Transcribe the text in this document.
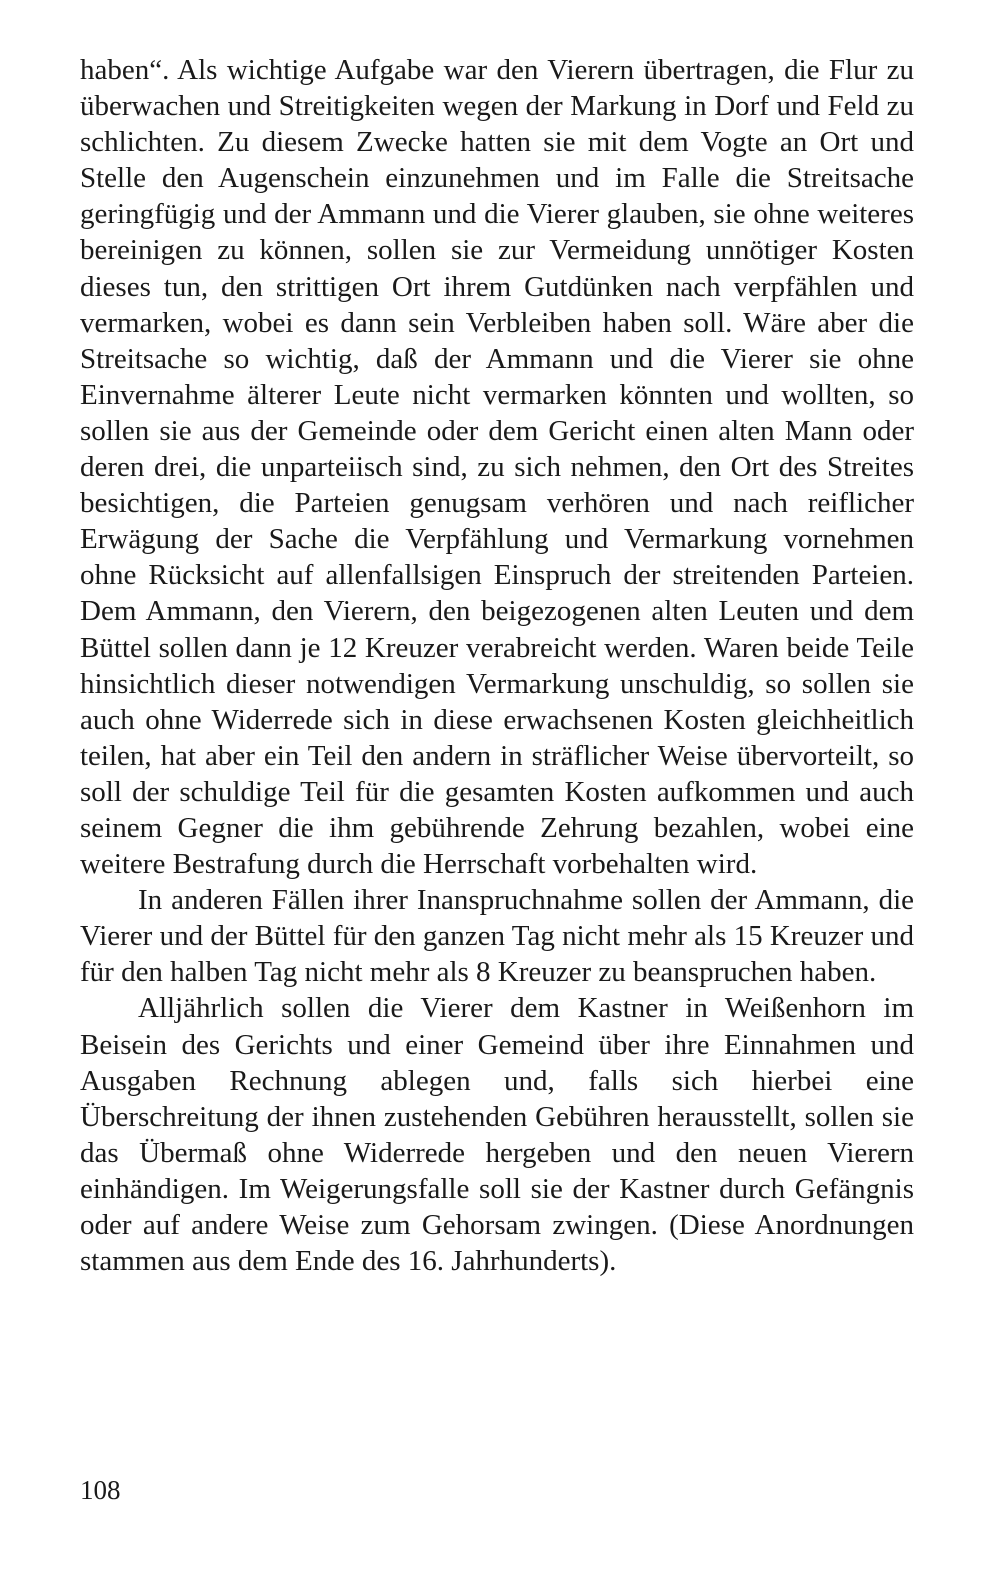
haben“. Als wichtige Aufgabe war den Vierern übertragen, die Flur zu überwachen und Streitigkeiten wegen der Markung in Dorf und Feld zu schlichten. Zu diesem Zwecke hatten sie mit dem Vogte an Ort und Stelle den Augenschein einzunehmen und im Falle die Streitsache geringfügig und der Ammann und die Vierer glauben, sie ohne weiteres bereinigen zu können, sollen sie zur Vermeidung unnötiger Kosten dieses tun, den strittigen Ort ihrem Gutdünken nach verpfählen und vermarken, wobei es dann sein Verbleiben haben soll. Wäre aber die Streitsache so wichtig, daß der Ammann und die Vierer sie ohne Einvernahme älterer Leute nicht vermarken könnten und wollten, so sollen sie aus der Gemeinde oder dem Gericht einen alten Mann oder deren drei, die unparteiisch sind, zu sich nehmen, den Ort des Streites besichtigen, die Parteien genugsam verhören und nach reiflicher Erwägung der Sache die Verpfählung und Vermarkung vornehmen ohne Rücksicht auf allenfallsigen Einspruch der streitenden Parteien. Dem Ammann, den Vierern, den beigezogenen alten Leuten und dem Büttel sollen dann je 12 Kreuzer verabreicht werden. Waren beide Teile hinsichtlich dieser notwendigen Vermarkung unschuldig, so sollen sie auch ohne Widerrede sich in diese erwachsenen Kosten gleichheitlich teilen, hat aber ein Teil den andern in sträflicher Weise übervorteilt, so soll der schuldige Teil für die gesamten Kosten aufkommen und auch seinem Gegner die ihm gebührende Zehrung bezahlen, wobei eine weitere Bestrafung durch die Herrschaft vorbehalten wird.

In anderen Fällen ihrer Inanspruchnahme sollen der Ammann, die Vierer und der Büttel für den ganzen Tag nicht mehr als 15 Kreuzer und für den halben Tag nicht mehr als 8 Kreuzer zu beanspruchen haben.

Alljährlich sollen die Vierer dem Kastner in Weißenhorn im Beisein des Gerichts und einer Gemeind über ihre Einnahmen und Ausgaben Rechnung ablegen und, falls sich hierbei eine Überschreitung der ihnen zustehenden Gebühren herausstellt, sollen sie das Übermaß ohne Widerrede hergeben und den neuen Vierern einhändigen. Im Weigerungsfalle soll sie der Kastner durch Gefängnis oder auf andere Weise zum Gehorsam zwingen. (Diese Anordnungen stammen aus dem Ende des 16. Jahrhunderts).

108
